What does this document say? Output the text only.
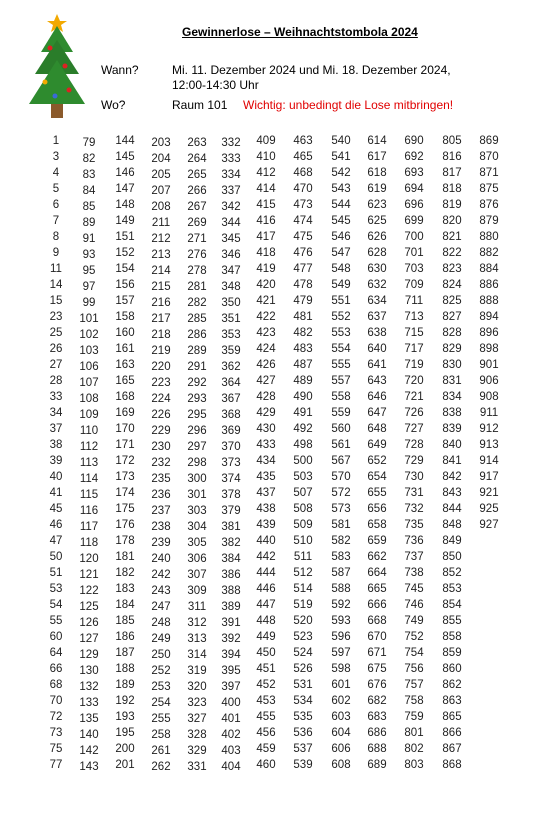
Gewinnerlose – Weihnachtstombola 2024
Wann?	Mi. 11. Dezember 2024 und Mi. 18. Dezember 2024,
12:00-14:30 Uhr
Wo?	Raum 101 Wichtig: unbedingt die Lose mitbringen!
1
3
4
5
6
7
8
9
11
14
15
23
25
26
27
28
33
34
37
38
39
40
41
45
46
47
50
51
53
54
55
60
64
66
68
70
72
73
75
77
79
82
83
84
85
89
91
93
95
97
99
101
102
103
106
107
108
109
110
112
113
114
115
116
117
118
120
121
122
125
126
127
129
130
132
133
135
140
142
143
144
145
146
147
148
149
151
152
154
156
157
158
160
161
163
165
168
169
170
171
172
173
174
175
176
178
181
182
183
184
185
186
187
188
189
192
193
195
200
201
203
204
205
207
208
211
212
213
214
215
216
217
218
219
220
223
224
226
229
230
232
235
236
237
238
239
240
242
243
247
248
249
250
252
253
254
255
258
261
262
263
264
265
266
267
269
271
276
278
281
282
285
286
289
291
292
293
295
296
297
298
300
301
303
304
305
306
307
309
311
312
313
314
319
320
323
327
328
329
331
332
333
334
337
342
344
345
346
347
348
350
351
353
359
362
364
367
368
369
370
373
374
378
379
381
382
384
386
388
389
391
392
394
395
397
400
401
402
403
404
409
410
412
414
415
416
417
418
419
420
421
422
423
424
426
427
428
429
430
433
434
435
437
438
439
440
442
444
446
447
448
449
450
451
452
453
455
456
459
460
463
465
468
470
473
474
475
476
477
478
479
481
482
483
487
489
490
491
492
498
500
503
507
508
509
510
511
512
514
519
520
523
524
526
531
534
535
536
537
539
540
541
542
543
544
545
546
547
548
549
551
552
553
554
555
557
558
559
560
561
567
570
572
573
581
582
583
587
588
592
593
596
597
598
601
602
603
604
606
608
614
617
618
619
623
625
626
628
630
632
634
637
638
640
641
643
646
647
648
649
652
654
655
656
658
659
662
664
665
666
668
670
671
675
676
682
683
686
688
689
690
692
693
694
696
699
700
701
703
709
711
713
715
717
719
720
721
726
727
728
729
730
731
732
735
736
737
738
745
746
749
752
754
756
757
758
759
801
802
803
805
816
817
818
819
820
821
822
823
824
825
827
828
829
830
831
834
838
839
840
841
842
843
844
848
849
850
852
853
854
855
858
859
860
862
863
865
866
867
868
869
870
871
875
876
879
880
882
884
886
888
894
896
898
901
906
908
911
912
913
914
917
921
925
927
